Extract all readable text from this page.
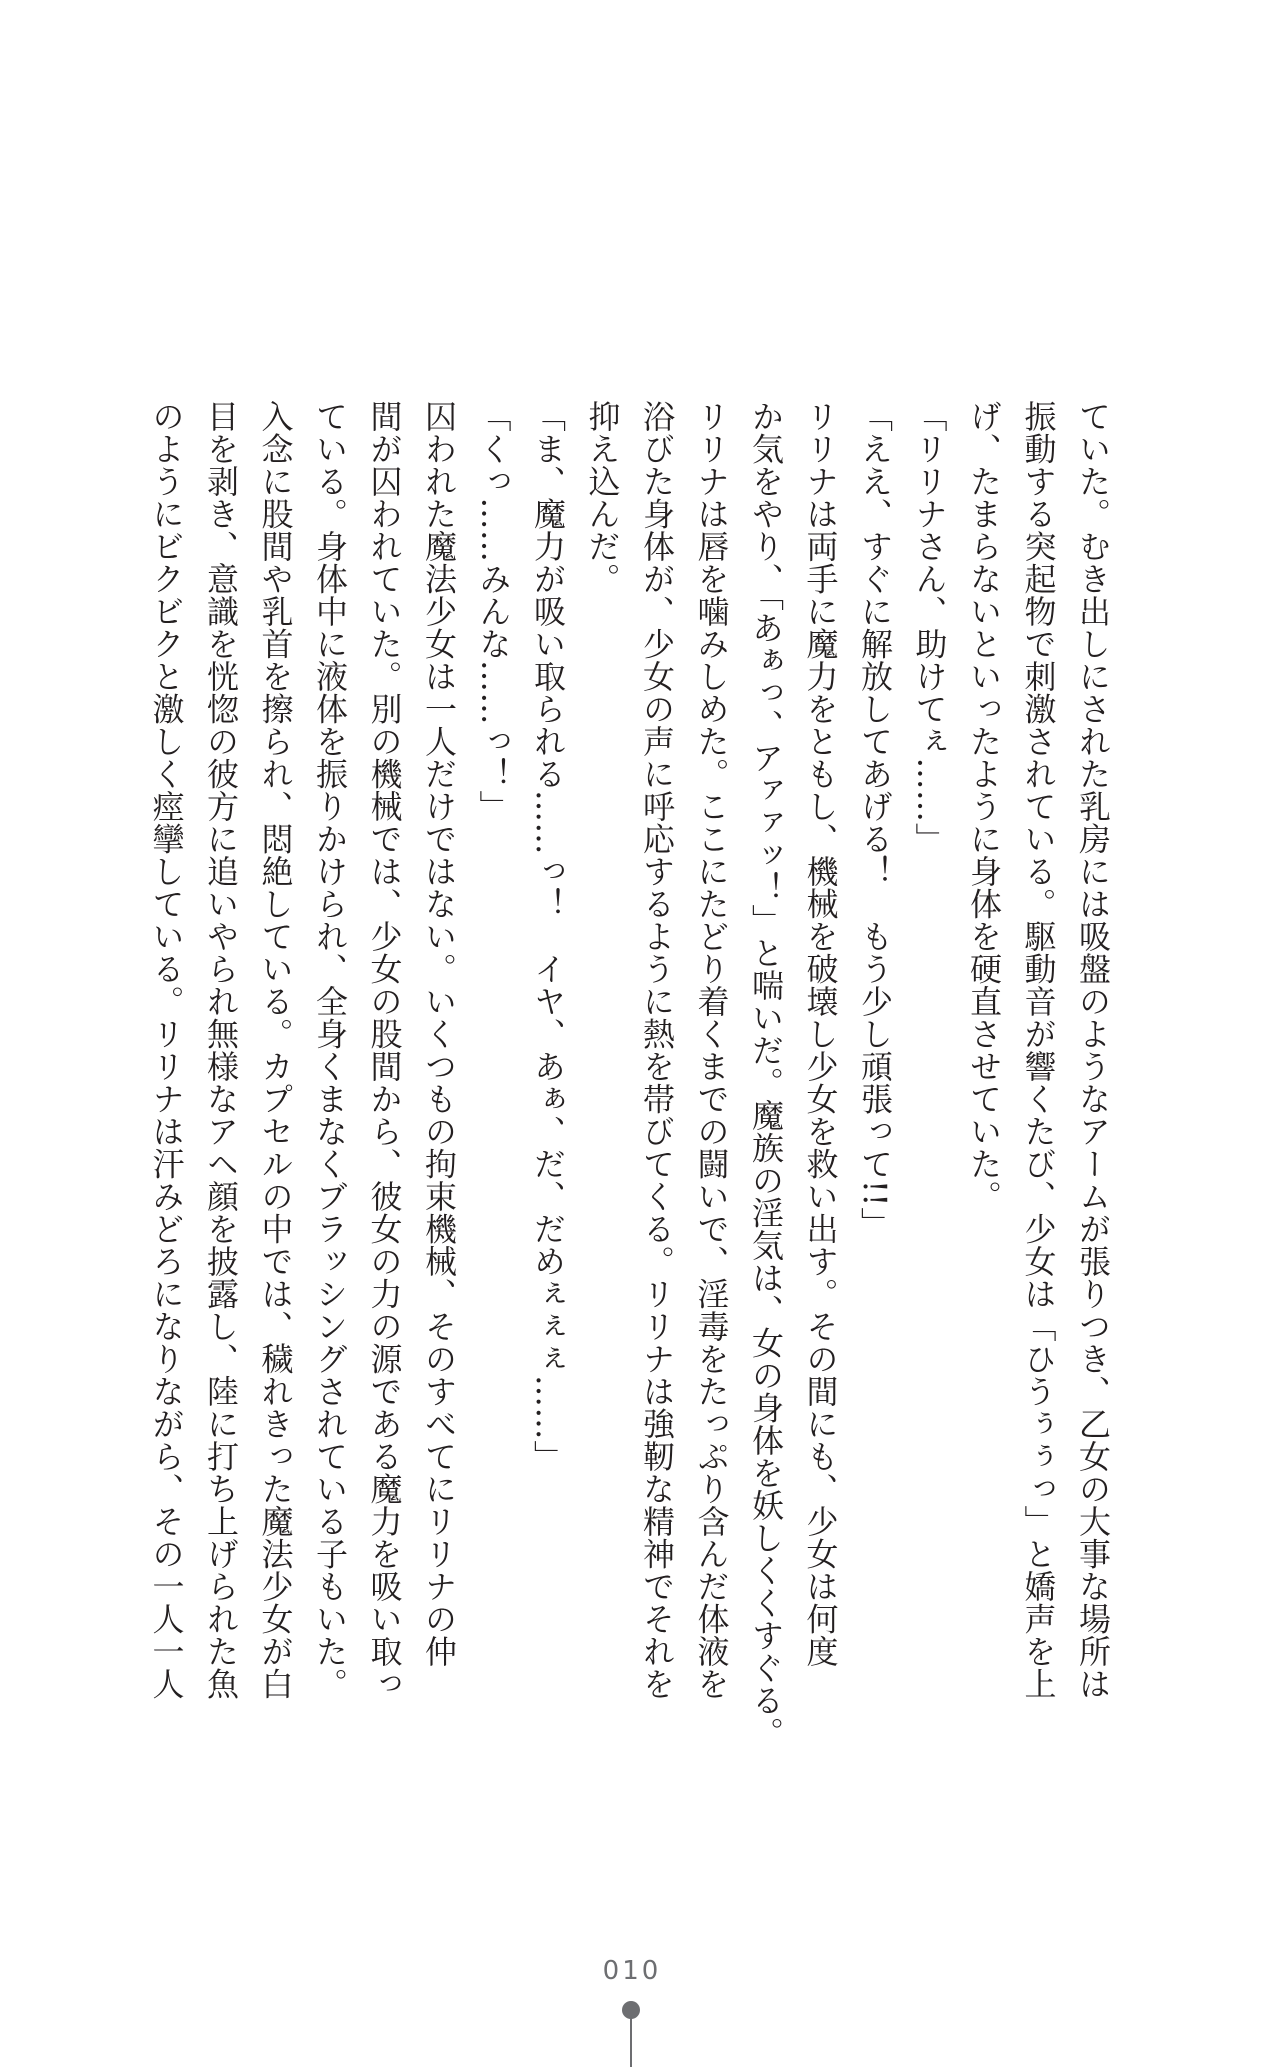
ていた。むき出しにされた乳房には吸盤のようなアームが張りつき、乙女の大事な場所は
振動する突起物で刺激されている。駆動音が響くたび、少女は「ひうぅぅっ」と嬌声を上
げ、たまらないといったように身体を硬直させていた。
「リリナさん、助けてぇ……」
「ええ、すぐに解放してあげる！　もう少し頑張って!!」
リリナは両手に魔力をともし、機械を破壊し少女を救い出す。その間にも、少女は何度
か気をやり、「あぁっ、アァァッ！」と喘いだ。魔族の淫気は、女の身体を妖しくくすぐる。
リリナは唇を噛みしめた。ここにたどり着くまでの闘いで、淫毒をたっぷり含んだ体液を
浴びた身体が、少女の声に呼応するように熱を帯びてくる。リリナは強靭な精神でそれを
抑え込んだ。
「ま、魔力が吸い取られる……っ！　イヤ、あぁ、だ、だめぇぇぇ……」
「くっ……みんな……っ！」
囚われた魔法少女は一人だけではない。いくつもの拘束機械、そのすべてにリリナの仲
間が囚われていた。別の機械では、少女の股間から、彼女の力の源である魔力を吸い取っ
ている。身体中に液体を振りかけられ、全身くまなくブラッシングされている子もいた。
入念に股間や乳首を擦られ、悶絶している。カプセルの中では、穢れきった魔法少女が白
目を剥き、意識を恍惚の彼方に追いやられ無様なアヘ顔を披露し、陸に打ち上げられた魚
のようにビクビクと激しく痙攣している。リリナは汗みどろになりながら、その一人一人
010
